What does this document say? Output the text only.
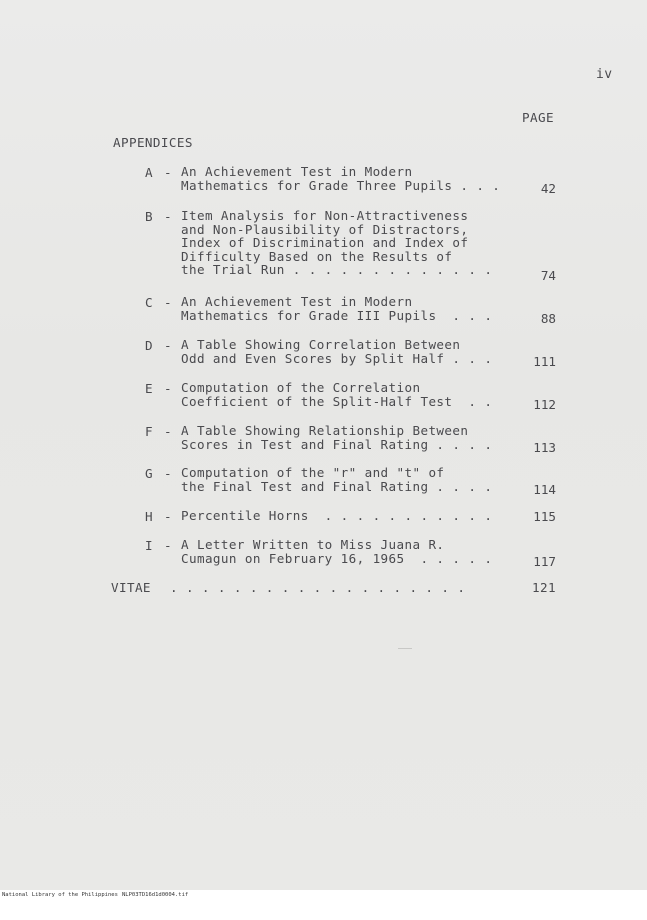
iv
PAGE
APPENDICES
A - An Achievement Test in Modern
Mathematics for Grade Three Pupils . . .	42
B - Item Analysis for Non-Attractiveness
and Non-Plausibility of Distractors,
Index of Discrimination and Index of
Difficulty Based on the Results of
the Trial Run . . . . . . . . . . . . .	74
C - An Achievement Test in Modern
Mathematics for Grade III Pupils  . . .	88
D - A Table Showing Correlation Between
Odd and Even Scores by Split Half . . .	111
E - Computation of the Correlation
Coefficient of the Split-Half Test  . .	112
F - A Table Showing Relationship Between
Scores in Test and Final Rating . . . .	113
G - Computation of the "r" and "t" of
the Final Test and Final Rating . . . .	114
H - Percentile Horns  . . . . . . . . . . .	115
I - A Letter Written to Miss Juana R.
Cumagun on February 16, 1965  . . . . .	117
VITAE . . . . . . . . . . . . . . . . . . .	121

National Library of the Philippines

NLP03TD16d1d0004.tif
